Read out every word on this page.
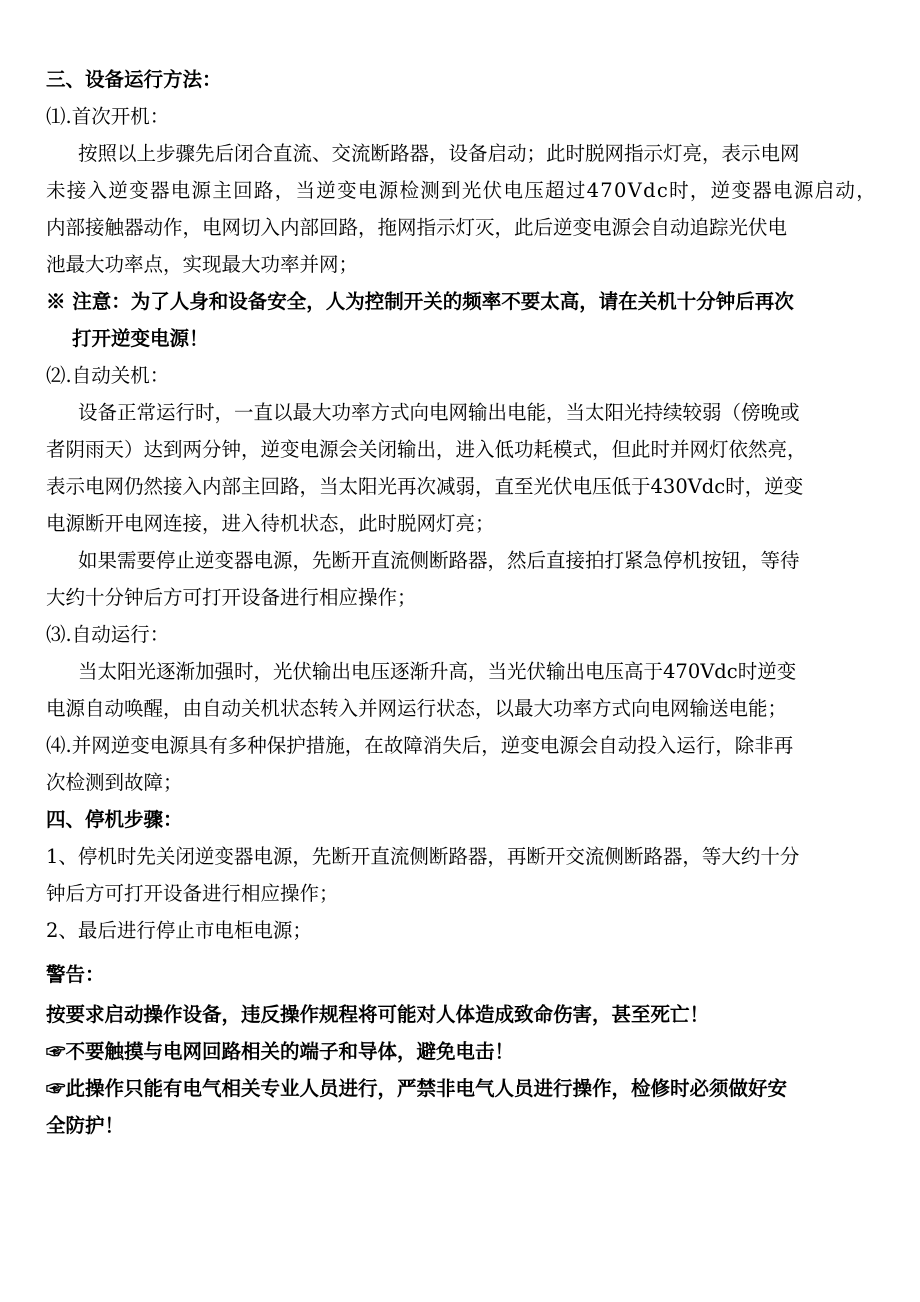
三、设备运行方法：
⑴.首次开机：
按照以上步骤先后闭合直流、交流断路器，设备启动；此时脱网指示灯亮，表示电网
未接入逆变器电源主回路，当逆变电源检测到光伏电压超过470Vdc时，逆变器电源启动，
内部接触器动作，电网切入内部回路，拖网指示灯灭，此后逆变电源会自动追踪光伏电
池最大功率点，实现最大功率并网；
※ 注意：为了人身和设备安全，人为控制开关的频率不要太高，请在关机十分钟后再次
打开逆变电源！
⑵.自动关机：
设备正常运行时，一直以最大功率方式向电网输出电能，当太阳光持续较弱（傍晚或
者阴雨天）达到两分钟，逆变电源会关闭输出，进入低功耗模式，但此时并网灯依然亮，
表示电网仍然接入内部主回路，当太阳光再次减弱，直至光伏电压低于430Vdc时，逆变
电源断开电网连接，进入待机状态，此时脱网灯亮；
如果需要停止逆变器电源，先断开直流侧断路器，然后直接拍打紧急停机按钮，等待
大约十分钟后方可打开设备进行相应操作；
⑶.自动运行：
当太阳光逐渐加强时，光伏输出电压逐渐升高，当光伏输出电压高于470Vdc时逆变
电源自动唤醒，由自动关机状态转入并网运行状态，以最大功率方式向电网输送电能；
⑷.并网逆变电源具有多种保护措施，在故障消失后，逆变电源会自动投入运行，除非再
次检测到故障；
四、停机步骤：
1、停机时先关闭逆变器电源，先断开直流侧断路器，再断开交流侧断路器，等大约十分
钟后方可打开设备进行相应操作；
2、最后进行停止市电柜电源；
警告：
按要求启动操作设备，违反操作规程将可能对人体造成致命伤害，甚至死亡！
☞不要触摸与电网回路相关的端子和导体，避免电击！
☞此操作只能有电气相关专业人员进行，严禁非电气人员进行操作，检修时必须做好安
全防护！
